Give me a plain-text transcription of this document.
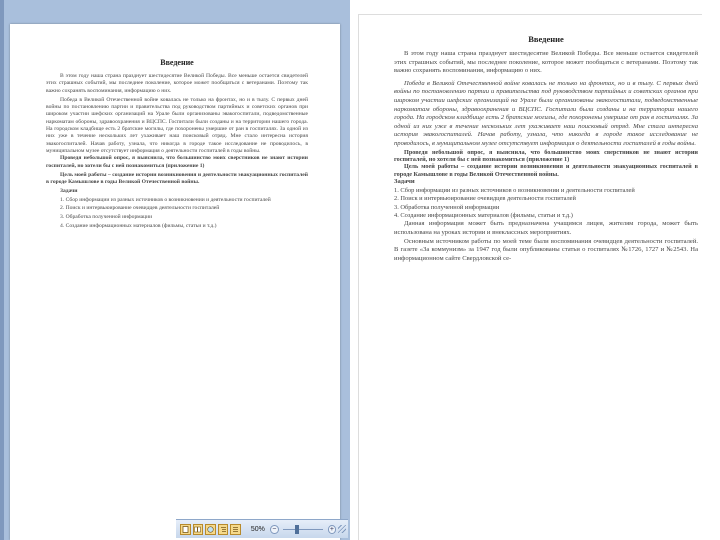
Введение

В этом году наша страна празднует шестидесятие Великой Победы. Все меньше остается свидетелей этих страшных событий, мы последнее поколение, которое может пообщаться с ветеранами. Поэтому так важно сохранять воспоминания, информацию о них.

Победа в Великой Отечественной войне ковалась не только на фронтах, но и в тылу. С первых дней войны по постановлению партии и правительства под руководством партийных и советских органов при широком участии шефских организаций на Урале были организованы эвакогоспитали, подведомственные наркоматам обороны, здравоохранения и ВЦСПС. Госпитали были созданы и на территории нашего города. На городском кладбище есть 2 братские могилы, где похоронены умершие от ран в госпиталях. За одной из них уже в течение нескольких лет ухаживает наш поисковый отряд. Мне стало интересна история эвакогоспиталей. Начав работу, узнала, что никогда в городе такое исследование не проводилось, в муниципальном музее отсутствует информация о деятельности госпиталей в годы войны.

Проведя небольшой опрос, я выяснила, что большинство моих сверстников не знают истории госпиталей, но хотели бы с ней познакомиться (приложение 1)

Цель моей работы – создание истории возникновения и деятельности эвакуационных госпиталей в городе Камышлове в годы Великой Отечественной войны.

Задачи

1. Сбор информации из разных источников о возникновении и деятельности госпиталей
2. Поиск и интервьюирование очевидцев деятельности госпиталей
3. Обработка полученной информации
4. Создание информационных материалов (фильмы, статьи и т.д.)
50%	−	+
Введение

В этом году наша страна празднует шестидесятие Великой Победы. Все меньше остается свидетелей этих страшных событий, мы последнее поколение, которое может пообщаться с ветеранами. Поэтому так важно сохранять воспоминания, информацию о них.

Победа в Великой Отечественной войне ковалась не только на фронтах, но и в тылу. С первых дней войны по постановлению партии и правительства под руководством партийных и советских органов при широком участии шефских организаций на Урале были организованы эвакогоспитали, подведомственные наркоматам обороны, здравоохранения и ВЦСПС. Госпитали были созданы и на территории нашего города. На городском кладбище есть 2 братские могилы, где похоронены умершие от ран в госпиталях. За одной из них уже в течение нескольких лет ухаживает наш поисковый отряд. Мне стала интересна история эвакогоспиталей. Начав работу, узнала, что никогда в городе такое исследование не проводилось, в муниципальном музее отсутствует информация о деятельности госпиталей в годы войны.

Проведя небольшой опрос, я выяснила, что большинство моих сверстников не знают истории госпиталей, но хотели бы с ней познакомиться (приложение 1)

Цель моей работы – создание истории возникновения и деятельности эвакуационных госпиталей в городе Камышлове в годы Великой Отечественной войны.

Задачи

1. Сбор информации из разных источников о возникновении и деятельности госпиталей
2. Поиск и интервьюирование очевидцев деятельности госпиталей
3. Обработка полученной информации
4. Создание информационных материалов (фильмы, статьи и т.д.)

Данная информация может быть предназначена учащимся лицея, жителям города, может быть использована на уроках истории и внеклассных мероприятиях.

Основным источником работы по моей теме были воспоминания очевидцев деятельности госпиталей. В газете «За коммунизм» за 1947 год были опубликованы статьи о госпиталях №1726, 1727 и №2543. На информационном сайте Свердловской се-
